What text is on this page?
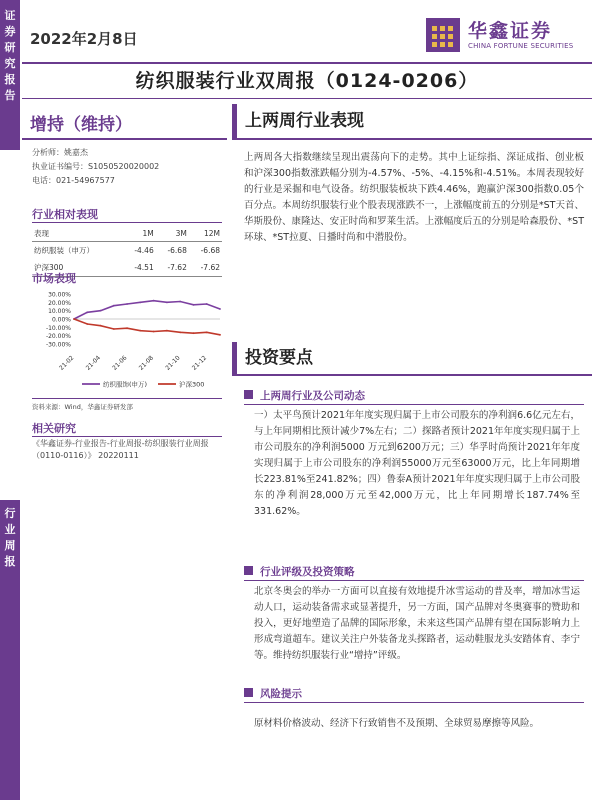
证
券
研
究
报
告
行
业
周
报
2022年2月8日	华鑫证券
CHINA FORTUNE SECURITIES
纺织服装行业双周报（0124-0206）
增持（维持）
分析师：姚嘉杰
执业证书编号：S1050520020002
电话：021-54967577
行业相对表现
表现	1M	3M	12M
纺织服装（申万）	-4.46	-6.68	-6.68
沪深300	-4.51	-7.62	-7.62
市场表现
30.00%
20.00%
10.00%
0.00%
-10.00%
-20.00%
-30.00%
21-02 21-04 21-06 21-08 21-10 21-12
纺织服饰(申万)	沪深300
资料来源：Wind，华鑫证券研发部
相关研究
《华鑫证券-行业报告-行业周报-纺织服装行业周报（0110-0116）》 20220111
上两周行业表现
上两周各大指数继续呈现出震荡向下的走势。其中上证综指、深证成指、创业板和沪深300指数涨跌幅分别为-4.57%、-5%、-4.15%和-4.51%。本周表现较好的行业是采掘和电气设备。纺织服装板块下跌4.46%，跑赢沪深300指数0.05个百分点。本周纺织服装行业个股表现涨跌不一，上涨幅度前五的分别是*ST天首、华斯股份、康隆达、安正时尚和罗莱生活。上涨幅度后五的分别是哈森股份、*ST环球、*ST拉夏、日播时尚和中潜股份。
投资要点
上两周行业及公司动态
一）太平鸟预计2021年年度实现归属于上市公司股东的净利润6.6亿元左右，与上年同期相比预计减少7%左右；二）探路者预计2021年年度实现归属于上市公司股东的净利润5000 万元到6200万元；三）华孚时尚预计2021年年度实现归属于上市公司股东的净利润55000万元至63000万元，比上年同期增长223.81%至241.82%；四）鲁泰A预计2021年年度实现归属于上市公司股东的净利润28,000万元至42,000万元，比上年同期增长187.74%至331.62%。
行业评级及投资策略
北京冬奥会的举办一方面可以直接有效地提升冰雪运动的普及率，增加冰雪运动人口，运动装备需求或显著提升，另一方面，国产品牌对冬奥赛事的赞助和投入，更好地塑造了品牌的国际形象，未来这些国产品牌有望在国际影响力上形成弯道超车。建议关注户外装备龙头探路者，运动鞋服龙头安踏体育、李宁等。维持纺织服装行业“增持”评级。
风险提示
原材料价格波动、经济下行致销售不及预期、全球贸易摩擦等风险。
